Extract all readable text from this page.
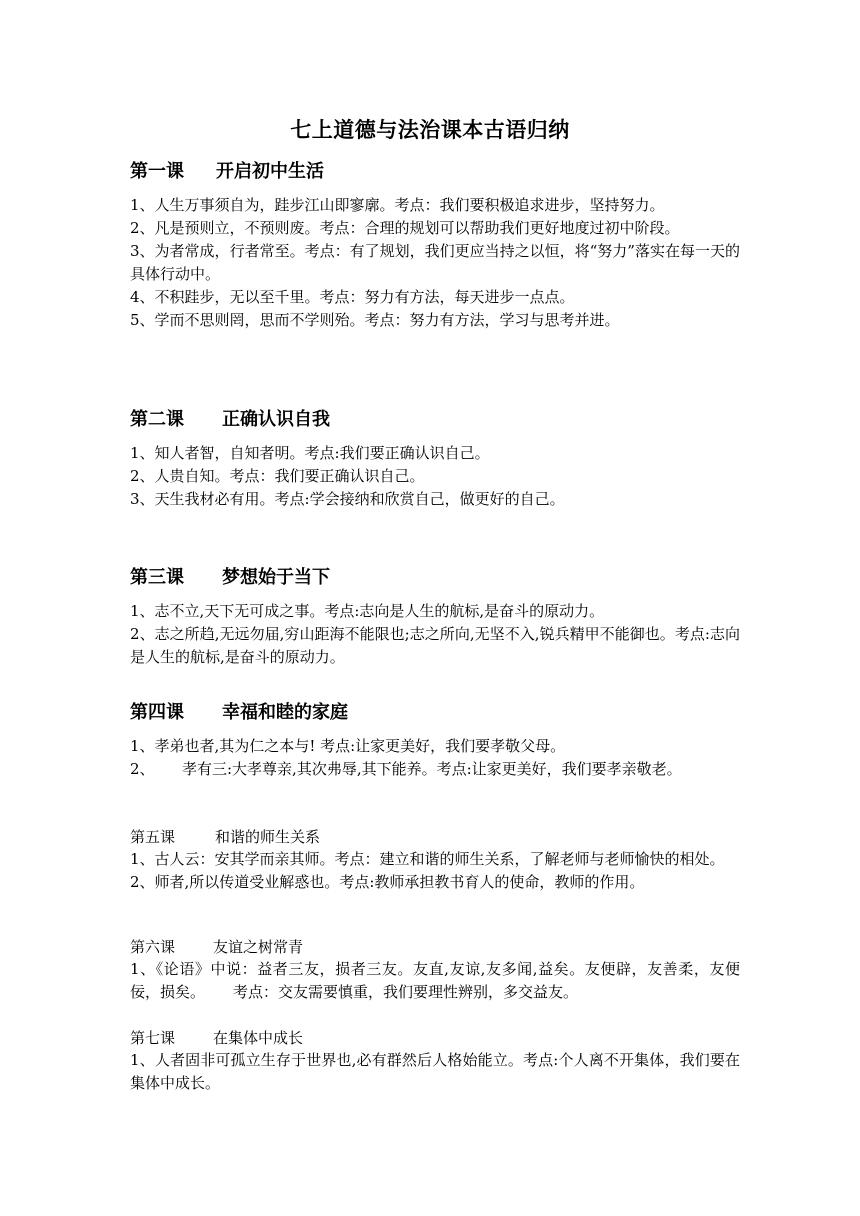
七上道德与法治课本古语归纳
第一课 开启初中生活
1、人生万事须自为，跬步江山即寥廓。考点：我们要积极追求进步，坚持努力。
2、凡是预则立，不预则废。考点：合理的规划可以帮助我们更好地度过初中阶段。
3、为者常成，行者常至。考点：有了规划，我们更应当持之以恒，将“努力”落实在每一天的具体行动中。
4、不积跬步，无以至千里。考点：努力有方法，每天进步一点点。
5、学而不思则罔，思而不学则殆。考点：努力有方法，学习与思考并进。
第二课 正确认识自我
1、知人者智，自知者明。考点:我们要正确认识自己。
2、人贵自知。考点：我们要正确认识自己。
3、天生我材必有用。考点:学会接纳和欣赏自己，做更好的自己。
第三课 梦想始于当下
1、志不立,天下无可成之事。考点:志向是人生的航标,是奋斗的原动力。
2、志之所趋,无远勿届,穷山距海不能限也;志之所向,无坚不入,锐兵精甲不能御也。考点:志向是人生的航标,是奋斗的原动力。
第四课 幸福和睦的家庭
1、孝弟也者,其为仁之本与! 考点:让家更美好，我们要孝敬父母。
2、 孝有三:大孝尊亲,其次弗辱,其下能养。考点:让家更美好，我们要孝亲敬老。
第五课	和谐的师生关系
1、古人云：安其学而亲其师。考点：建立和谐的师生关系，了解老师与老师愉快的相处。
2、师者,所以传道受业解惑也。考点:教师承担教书育人的使命，教师的作用。
第六课	友谊之树常青
1、《论语》中说：益者三友，损者三友。友直,友谅,友多闻,益矣。友便辟，友善柔，友便佞，损矣。 考点：交友需要慎重，我们要理性辨别，多交益友。
第七课	在集体中成长
1、人者固非可孤立生存于世界也,必有群然后人格始能立。考点:个人离不开集体，我们要在集体中成长。
